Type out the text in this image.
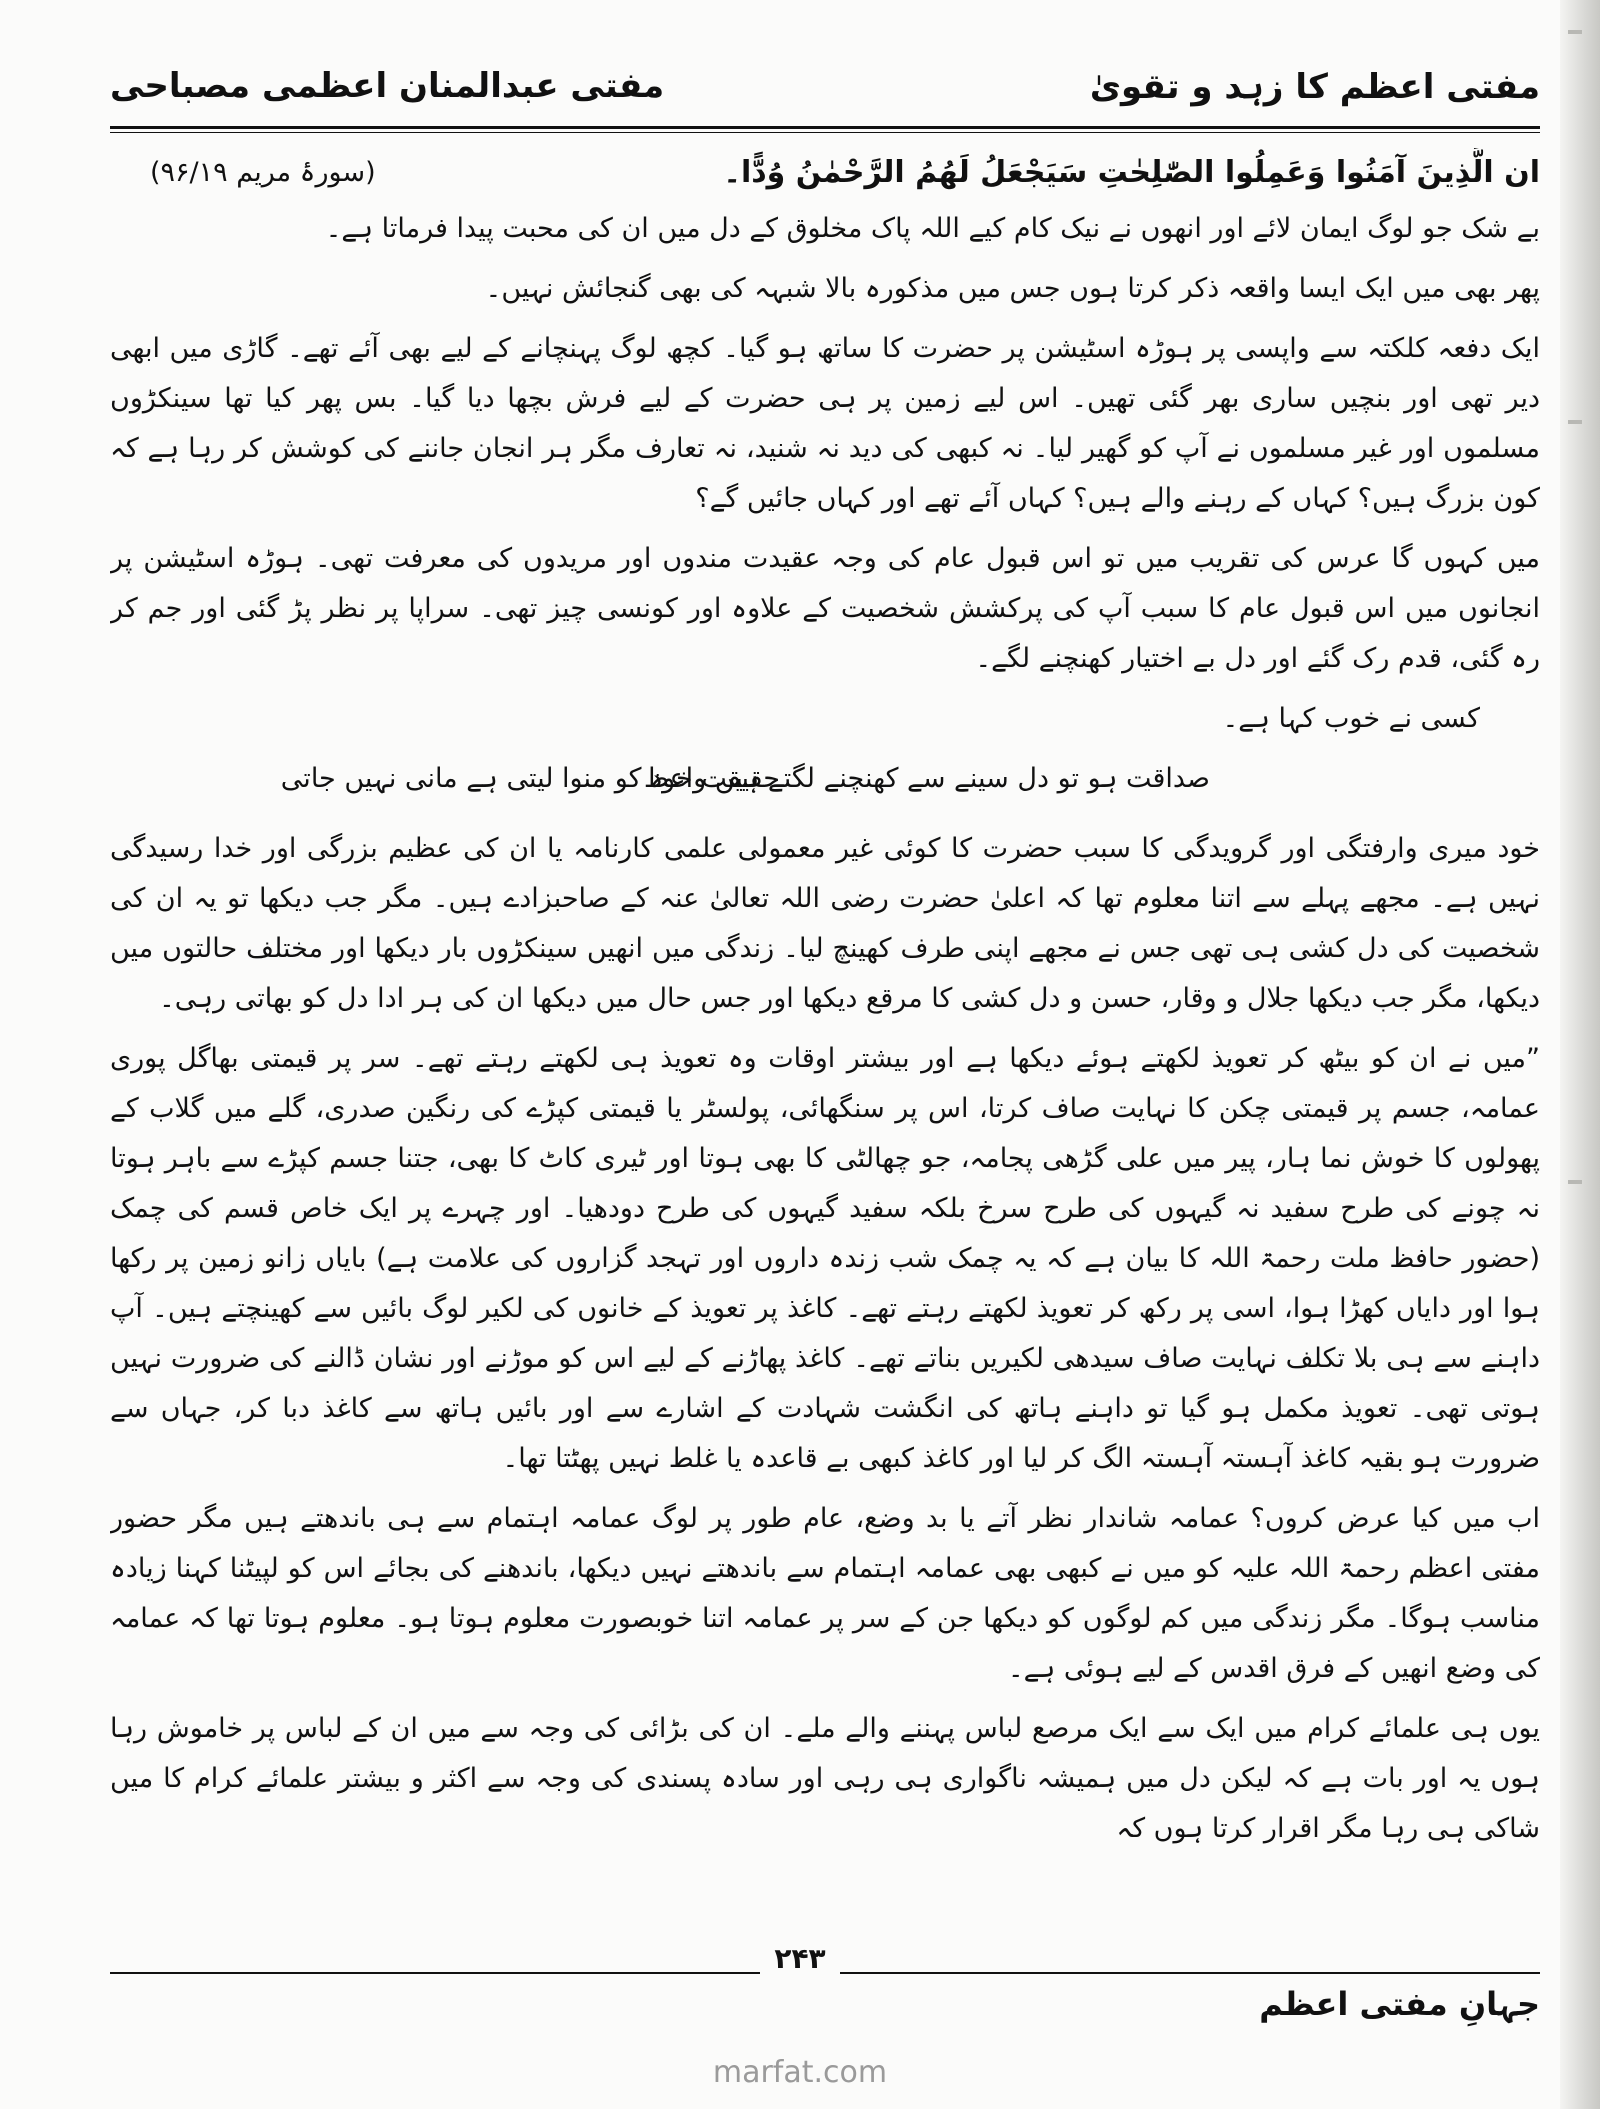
مفتی اعظم کا زہد و تقویٰ
مفتی عبدالمنان اعظمی مصباحی
ان الَّذِينَ آمَنُوا وَعَمِلُوا الصّٰلِحٰتِ سَيَجْعَلُ لَهُمُ الرَّحْمٰنُ وُدًّا۔
(سورۂ مریم ۹۶/۱۹)

بے شک جو لوگ ایمان لائے اور انھوں نے نیک کام کیے اللہ پاک مخلوق کے دل میں ان کی محبت پیدا فرماتا ہے۔

پھر بھی میں ایک ایسا واقعہ ذکر کرتا ہوں جس میں مذکورہ بالا شبہہ کی بھی گنجائش نہیں۔

ایک دفعہ کلکتہ سے واپسی پر ہوڑہ اسٹیشن پر حضرت کا ساتھ ہو گیا۔ کچھ لوگ پہنچانے کے لیے بھی آئے تھے۔ گاڑی میں ابھی دیر تھی اور بنچیں ساری بھر گئی تھیں۔ اس لیے زمین پر ہی حضرت کے لیے فرش بچھا دیا گیا۔ بس پھر کیا تھا سینکڑوں مسلموں اور غیر مسلموں نے آپ کو گھیر لیا۔ نہ کبھی کی دید نہ شنید، نہ تعارف مگر ہر انجان جاننے کی کوشش کر رہا ہے کہ کون بزرگ ہیں؟ کہاں کے رہنے والے ہیں؟ کہاں آئے تھے اور کہاں جائیں گے؟

میں کہوں گا عرس کی تقریب میں تو اس قبول عام کی وجہ عقیدت مندوں اور مریدوں کی معرفت تھی۔ ہوڑہ اسٹیشن پر انجانوں میں اس قبول عام کا سبب آپ کی پرکشش شخصیت کے علاوہ اور کونسی چیز تھی۔ سراپا پر نظر پڑ گئی اور جم کر رہ گئی، قدم رک گئے اور دل بے اختیار کھنچنے لگے۔

کسی نے خوب کہا ہے۔

صداقت ہو تو دل سینے سے کھنچنے لگتے ہیں واعظ
حقیقت خود کو منوا لیتی ہے مانی نہیں جاتی

خود میری وارفتگی اور گرویدگی کا سبب حضرت کا کوئی غیر معمولی علمی کارنامہ یا ان کی عظیم بزرگی اور خدا رسیدگی نہیں ہے۔ مجھے پہلے سے اتنا معلوم تھا کہ اعلیٰ حضرت رضی اللہ تعالیٰ عنہ کے صاحبزادے ہیں۔ مگر جب دیکھا تو یہ ان کی شخصیت کی دل کشی ہی تھی جس نے مجھے اپنی طرف کھینچ لیا۔ زندگی میں انھیں سینکڑوں بار دیکھا اور مختلف حالتوں میں دیکھا، مگر جب دیکھا جلال و وقار، حسن و دل کشی کا مرقع دیکھا اور جس حال میں دیکھا ان کی ہر ادا دل کو بھاتی رہی۔

”میں نے ان کو بیٹھ کر تعویذ لکھتے ہوئے دیکھا ہے اور بیشتر اوقات وہ تعویذ ہی لکھتے رہتے تھے۔ سر پر قیمتی بھاگل پوری عمامہ، جسم پر قیمتی چکن کا نہایت صاف کرتا، اس پر سنگھائی، پولسٹر یا قیمتی کپڑے کی رنگین صدری، گلے میں گلاب کے پھولوں کا خوش نما ہار، پیر میں علی گڑھی پجامہ، جو چھالٹی کا بھی ہوتا اور ٹیری کاٹ کا بھی، جتنا جسم کپڑے سے باہر ہوتا نہ چونے کی طرح سفید نہ گیہوں کی طرح سرخ بلکہ سفید گیہوں کی طرح دودھیا۔ اور چہرے پر ایک خاص قسم کی چمک (حضور حافظ ملت رحمۃ اللہ کا بیان ہے کہ یہ چمک شب زندہ داروں اور تہجد گزاروں کی علامت ہے) بایاں زانو زمین پر رکھا ہوا اور دایاں کھڑا ہوا، اسی پر رکھ کر تعویذ لکھتے رہتے تھے۔ کاغذ پر تعویذ کے خانوں کی لکیر لوگ بائیں سے کھینچتے ہیں۔ آپ داہنے سے ہی بلا تکلف نہایت صاف سیدھی لکیریں بناتے تھے۔ کاغذ پھاڑنے کے لیے اس کو موڑنے اور نشان ڈالنے کی ضرورت نہیں ہوتی تھی۔ تعویذ مکمل ہو گیا تو داہنے ہاتھ کی انگشت شہادت کے اشارے سے اور بائیں ہاتھ سے کاغذ دبا کر، جہاں سے ضرورت ہو بقیہ کاغذ آہستہ آہستہ الگ کر لیا اور کاغذ کبھی بے قاعدہ یا غلط نہیں پھٹتا تھا۔

اب میں کیا عرض کروں؟ عمامہ شاندار نظر آتے یا بد وضع، عام طور پر لوگ عمامہ اہتمام سے ہی باندھتے ہیں مگر حضور مفتی اعظم رحمۃ اللہ علیہ کو میں نے کبھی بھی عمامہ اہتمام سے باندھتے نہیں دیکھا، باندھنے کی بجائے اس کو لپیٹنا کہنا زیادہ مناسب ہوگا۔ مگر زندگی میں کم لوگوں کو دیکھا جن کے سر پر عمامہ اتنا خوبصورت معلوم ہوتا ہو۔ معلوم ہوتا تھا کہ عمامہ کی وضع انھیں کے فرق اقدس کے لیے ہوئی ہے۔

یوں ہی علمائے کرام میں ایک سے ایک مرصع لباس پہننے والے ملے۔ ان کی بڑائی کی وجہ سے میں ان کے لباس پر خاموش رہا ہوں یہ اور بات ہے کہ لیکن دل میں ہمیشہ ناگواری ہی رہی اور سادہ پسندی کی وجہ سے اکثر و بیشتر علمائے کرام کا میں شاکی ہی رہا مگر اقرار کرتا ہوں کہ

۲۴۳
جہانِ مفتی اعظم
marfat.com
